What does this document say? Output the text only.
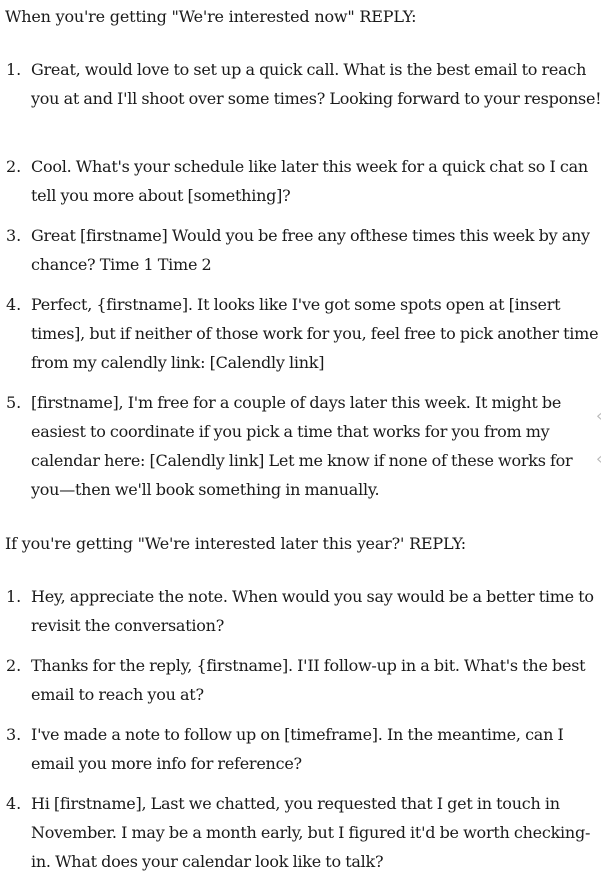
When you're getting "We're interested now" REPLY:
1. Great, would love to set up a quick call. What is the best email to reach you at and I'll shoot over some times? Looking forward to your response!
2. Cool. What's your schedule like later this week for a quick chat so I can tell you more about [something]?
3. Great [firstname] Would you be free any ofthese times this week by any chance? Time 1 Time 2
4. Perfect, {firstname]. It looks like I've got some spots open at [insert times], but if neither of those work for you, feel free to pick another time from my calendly link: [Calendly link]
5. [firstname], I'm free for a couple of days later this week. It might be easiest to coordinate if you pick a time that works for you from my calendar here: [Calendly link] Let me know if none of these works for you—then we'll book something in manually.
If you're getting "We're interested later this year?' REPLY:
1. Hey, appreciate the note. When would you say would be a better time to revisit the conversation?
2. Thanks for the reply, {firstname]. I'II follow-up in a bit. What's the best email to reach you at?
3. I've made a note to follow up on [timeframe]. In the meantime, can I email you more info for reference?
4. Hi [firstname], Last we chatted, you requested that I get in touch in November. I may be a month early, but I figured it'd be worth checking-in. What does your calendar look like to talk?
‹
‹
